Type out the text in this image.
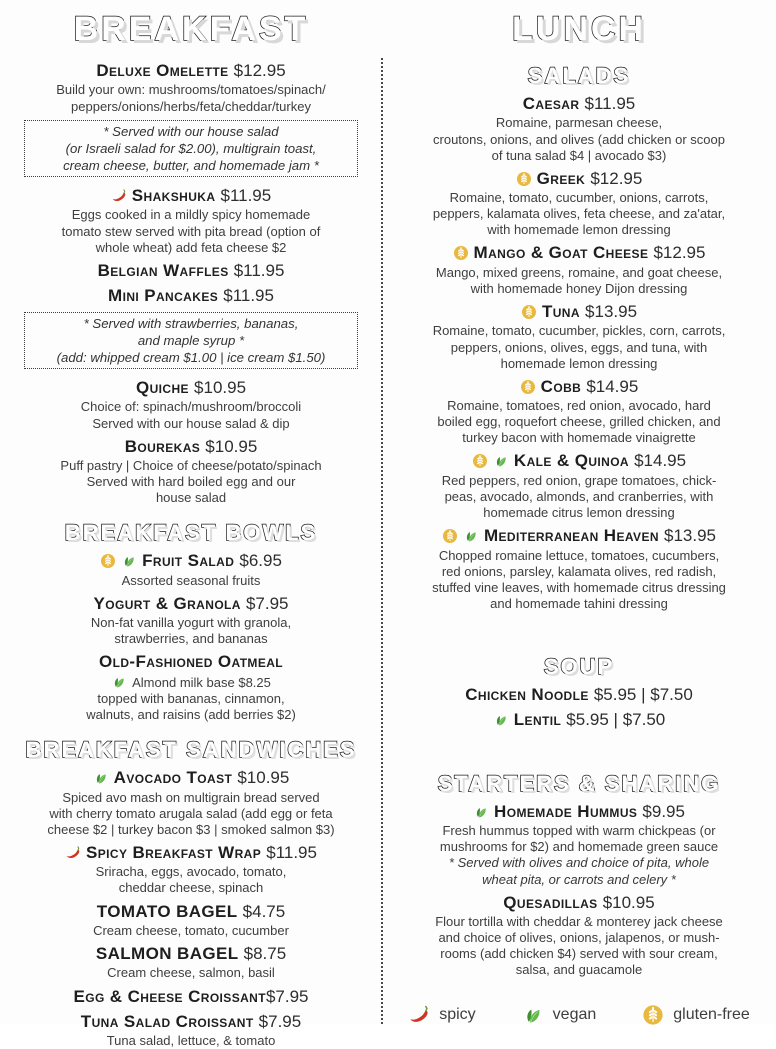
BREAKFAST
Deluxe Omelette $12.95
Build your own: mushrooms/tomatoes/spinach/
peppers/onions/herbs/feta/cheddar/turkey
* Served with our house salad
(or Israeli salad for $2.00), multigrain toast,
cream cheese, butter, and homemade jam *
Shakshuka $11.95
Eggs cooked in a mildly spicy homemade
tomato stew served with pita bread (option of
whole wheat) add feta cheese $2
Belgian Waffles $11.95
Mini Pancakes $11.95
* Served with strawberries, bananas,
and maple syrup *
(add: whipped cream $1.00 | ice cream $1.50)
Quiche $10.95
Choice of: spinach/mushroom/broccoli
Served with our house salad & dip
Bourekas $10.95
Puff pastry | Choice of cheese/potato/spinach
Served with hard boiled egg and our
house salad
BREAKFAST BOWLS
Fruit Salad $6.95
Assorted seasonal fruits
Yogurt & Granola $7.95
Non-fat vanilla yogurt with granola,
strawberries, and bananas
Old-Fashioned Oatmeal
Almond milk base $8.25
topped with bananas, cinnamon,
walnuts, and raisins (add berries $2)
BREAKFAST SANDWICHES
Avocado Toast $10.95
Spiced avo mash on multigrain bread served
with cherry tomato arugala salad (add egg or feta
cheese $2 | turkey bacon $3 | smoked salmon $3)
Spicy Breakfast Wrap $11.95
Sriracha, eggs, avocado, tomato,
cheddar cheese, spinach
TOMATO BAGEL $4.75
Cream cheese, tomato, cucumber
SALMON BAGEL $8.75
Cream cheese, salmon, basil
Egg & Cheese Croissant$7.95
Tuna Salad Croissant $7.95
Tuna salad, lettuce, & tomato
LUNCH
SALADS
Caesar $11.95
Romaine, parmesan cheese,
croutons, onions, and olives (add chicken or scoop
of tuna salad $4 | avocado $3)
Greek $12.95
Romaine, tomato, cucumber, onions, carrots,
peppers, kalamata olives, feta cheese, and za'atar,
with homemade lemon dressing
Mango & Goat Cheese $12.95
Mango, mixed greens, romaine, and goat cheese,
with homemade honey Dijon dressing
Tuna $13.95
Romaine, tomato, cucumber, pickles, corn, carrots,
peppers, onions, olives, eggs, and tuna, with
homemade lemon dressing
Cobb $14.95
Romaine, tomatoes, red onion, avocado, hard
boiled egg, roquefort cheese, grilled chicken, and
turkey bacon with homemade vinaigrette
Kale & Quinoa $14.95
Red peppers, red onion, grape tomatoes, chick-
peas, avocado, almonds, and cranberries, with
homemade citrus lemon dressing
Mediterranean Heaven $13.95
Chopped romaine lettuce, tomatoes, cucumbers,
red onions, parsley, kalamata olives, red radish,
stuffed vine leaves, with homemade citrus dressing
and homemade tahini dressing
SOUP
Chicken Noodle $5.95 | $7.50
Lentil $5.95 | $7.50
STARTERS & SHARING
Homemade Hummus $9.95
Fresh hummus topped with warm chickpeas (or
mushrooms for $2) and homemade green sauce
* Served with olives and choice of pita, whole
wheat pita, or carrots and celery *
Quesadillas $10.95
Flour tortilla with cheddar & monterey jack cheese
and choice of olives, onions, jalapenos, or mush-
rooms (add chicken $4) served with sour cream,
salsa, and guacamole
spicy	vegan	gluten-free
